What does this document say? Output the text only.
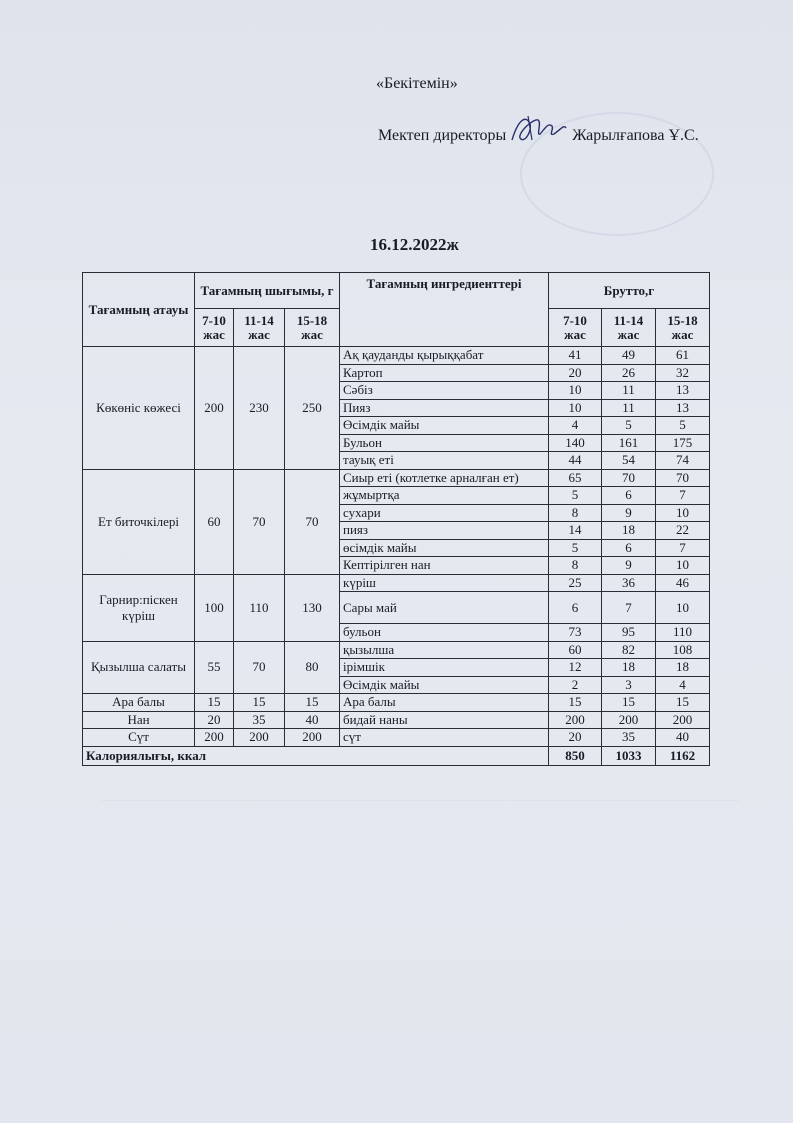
«Бекітемін»
Мектеп директоры	Жарылғапова Ұ.С.
16.12.2022ж
Тағамның атауы	Тағамның шығымы, г			Тағамның ингредиенттері	Брутто,г		
	7-10 жас	11-14 жас	15-18 жас		7-10 жас	11-14 жас	15-18 жас
Көкөніс көжесі	200	230	250	Ақ қауданды қырыққабат	41	49	61
				Картоп	20	26	32
				Сәбіз	10	11	13
				Пияз	10	11	13
				Өсімдік майы	4	5	5
				Бульон	140	161	175
				тауық еті	44	54	74
Ет биточкілері	60	70	70	Сиыр еті (котлетке арналған ет)	65	70	70
				жұмыртқа	5	6	7
				сухари	8	9	10
				пияз	14	18	22
				өсімдік майы	5	6	7
				Кептірілген нан	8	9	10
Гарнир:піскен күріш	100	110	130	күріш	25	36	46
				Сары май	6	7	10
				бульон	73	95	110
Қызылша салаты	55	70	80	қызылша	60	82	108
				ірімшік	12	18	18
				Өсімдік майы	2	3	4
Ара балы	15	15	15	Ара балы	15	15	15
Нан	20	35	40	бидай наны	200	200	200
Сүт	200	200	200	сүт	20	35	40
Калориялығы, ккал					850	1033	1162
